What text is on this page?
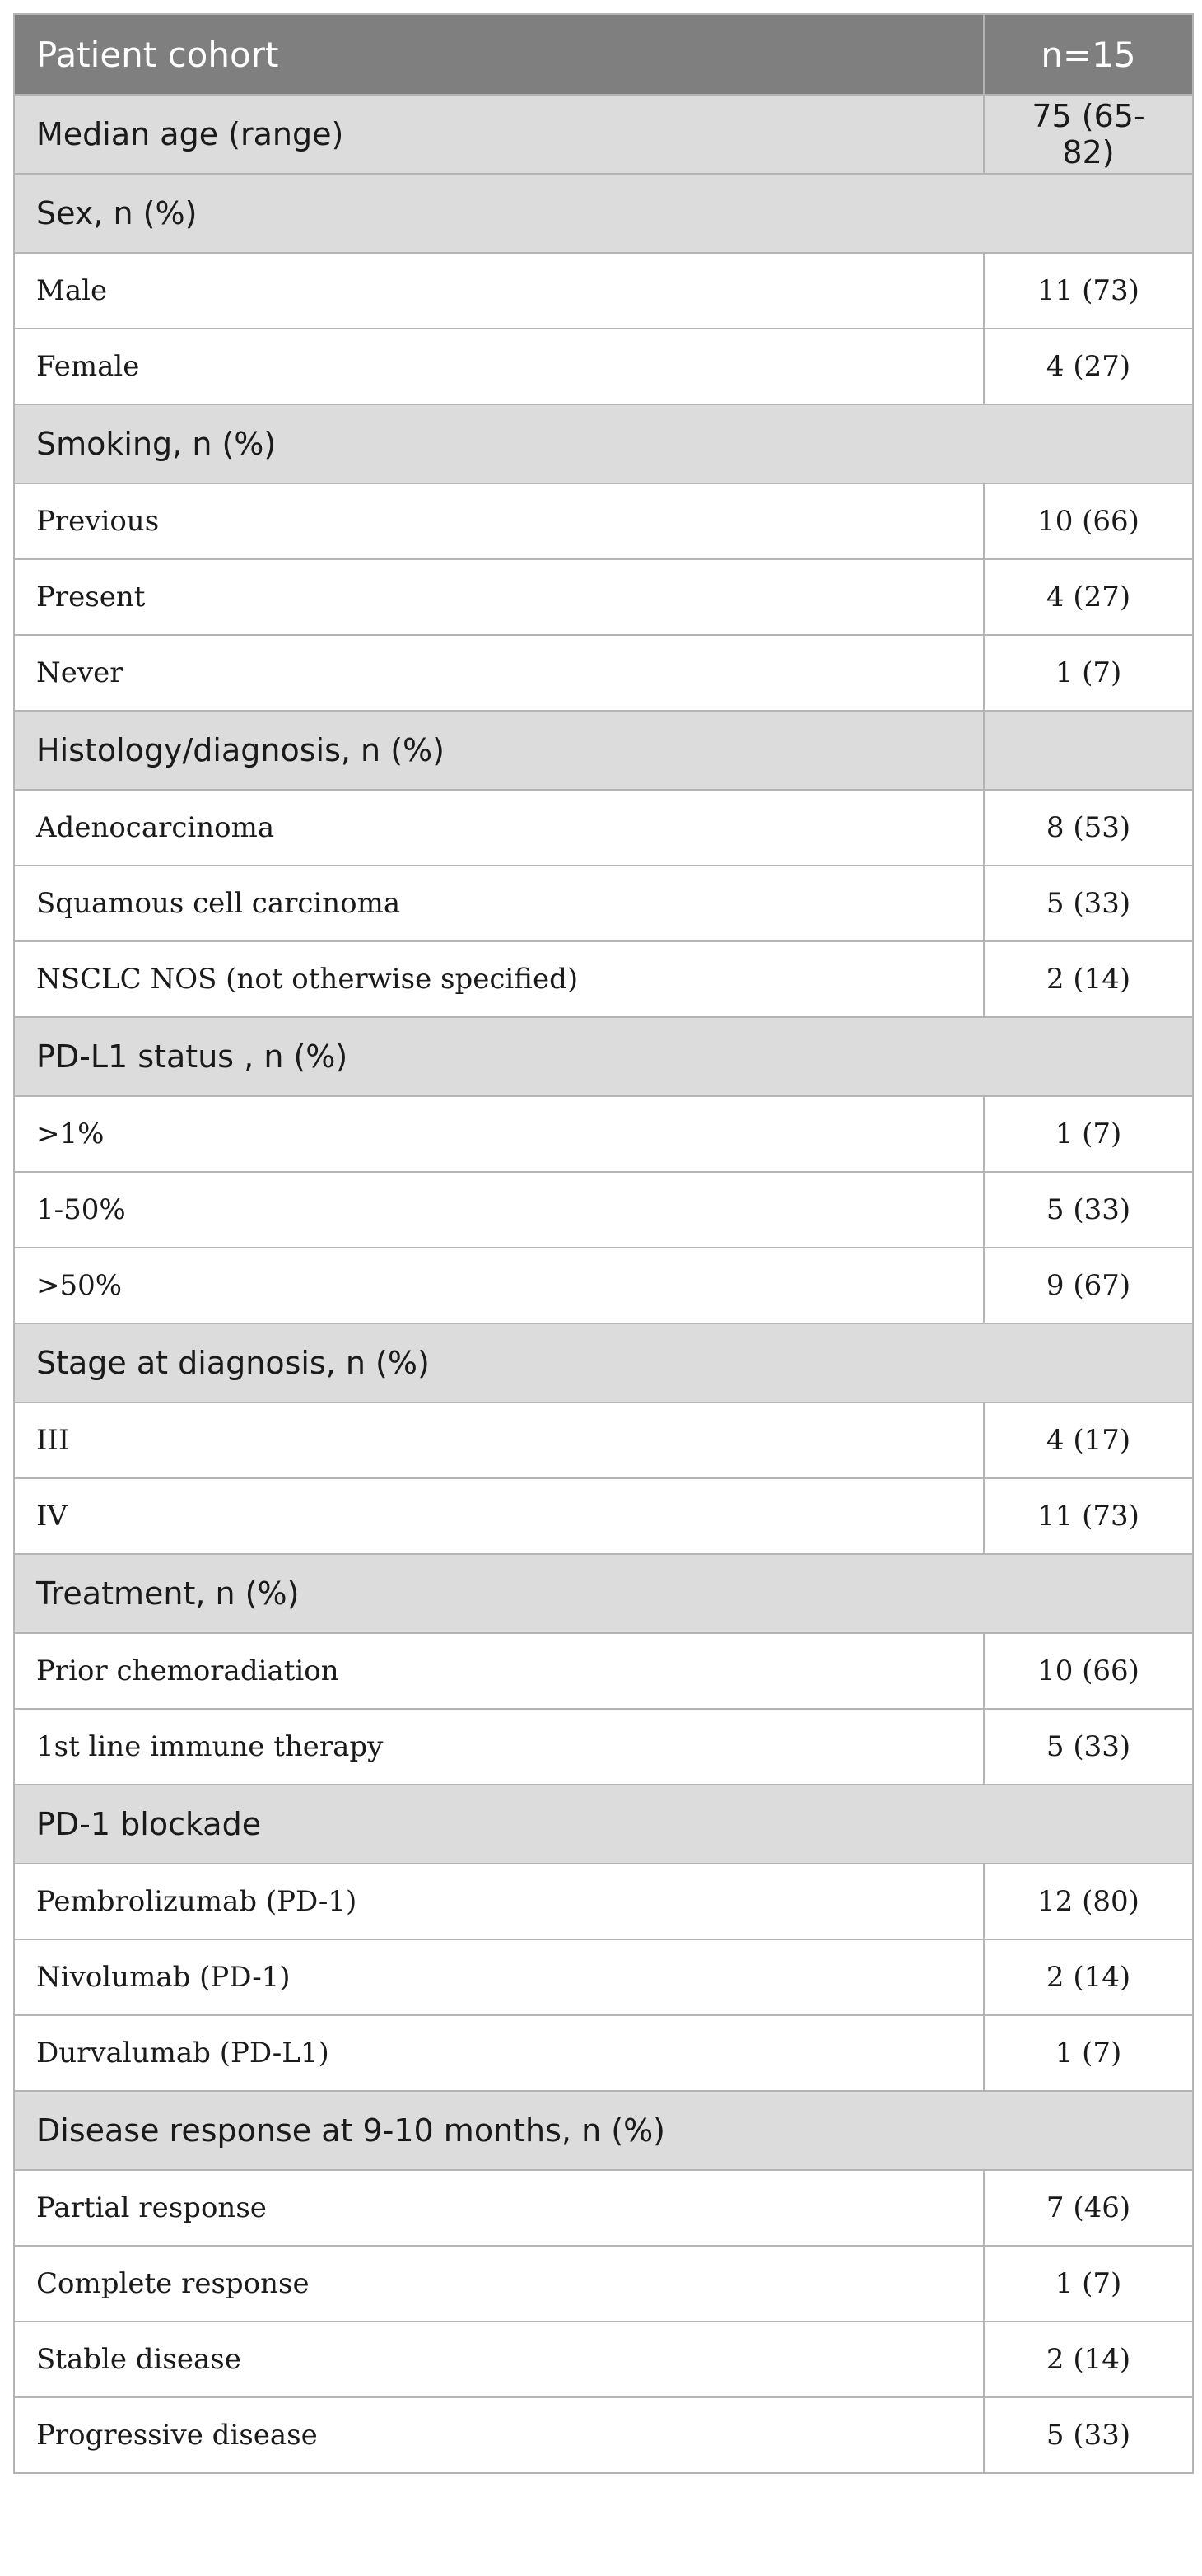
Patient cohort	n=15
Median age (range)	75 (65-82)
Sex, n (%)	
Male	11 (73)
Female	4 (27)
Smoking, n (%)	
Previous	10 (66)
Present	4 (27)
Never	1 (7)
Histology/diagnosis, n (%)	
Adenocarcinoma	8 (53)
Squamous cell carcinoma	5 (33)
NSCLC NOS (not otherwise specified)	2 (14)
PD-L1 status , n (%)	
>1%	1 (7)
1-50%	5 (33)
>50%	9 (67)
Stage at diagnosis, n (%)	
III	4 (17)
IV	11 (73)
Treatment, n (%)	
Prior chemoradiation	10 (66)
1st line immune therapy	5 (33)
PD-1 blockade	
Pembrolizumab (PD-1)	12 (80)
Nivolumab (PD-1)	2 (14)
Durvalumab (PD-L1)	1 (7)
Disease response at 9-10 months, n (%)	
Partial response	7 (46)
Complete response	1 (7)
Stable disease	2 (14)
Progressive disease	5 (33)
